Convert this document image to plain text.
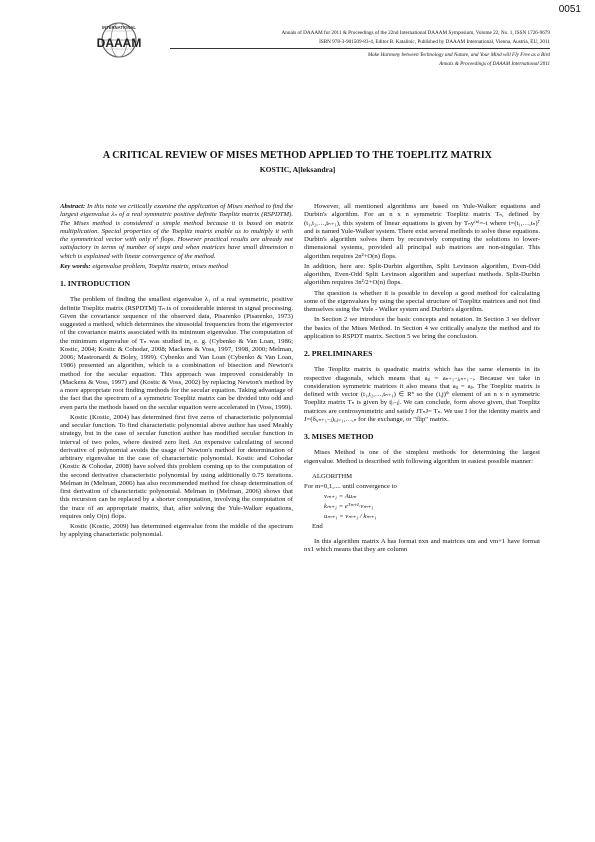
0051
INTERNATIONAL
DAAAM
Annals of DAAAM for 2011 & Proceedings of the 22nd International DAAAM Symposium, Volume 22, No. 1, ISSN 1726-9679
ISBN 978-3-901509-83-4, Editor B. Katalinic, Published by DAAAM International, Vienna, Austria, EU, 2011
Make Harmony between Technology and Nature, and Your Mind will Fly Free as a Bird
Annals & Proceedings of DAAAM International 2011
A CRITICAL REVIEW OF MISES METHOD APPLIED TO THE TOEPLITZ MATRIX
KOSTIC, A[leksandra]

Abstract: In this note we critically examine the application of Mises method to find the largest eigenvalue λₙ of a real symmetric positive definite Toeplitz matrix (RSPDTM). The Mises method is considered a simple method because it is based on matrix multiplication. Special properties of the Toeplitz matrix enable us to multiply it with the symmetrical vector with only n² flops. However practical results are already not satisfactory in terms of number of steps and when matrices have small dimension n which is explained with linear convergence of the method.

Key words: eigenvalue problem, Toeplitz matrix, mises method

1. INTRODUCTION

The problem of finding the smallest eigenvalue λ₁ of a real symmetric, positive definite Toeplitz matrix (RSPDTM) Tₙ is of considerable interest in signal processing. Given the covariance sequence of the observed data, Pisarenko (Pisarenko, 1973) suggested a method, which determines the sinusoidal frequencies from the eigenvector of the covariance matrix associated with its minimum eigenvalue. The computation of the minimum eigenvalue of Tₙ was studied in, e. g. (Cybenko & Van Loan, 1986; Kostic, 2004; Kostic & Cohodar, 2008; Mackens & Voss, 1997, 1998, 2000; Melman, 2006; Mastronardi & Boley, 1999). Cybenko and Van Loan (Cybenko & Van Loan, 1986) presented an algorithm, which is a combination of bisection and Newton's method for the secular equation. This approach was improved considerably in (Mackens & Voss, 1997) and (Kostic & Voss, 2002) by replacing Newton's method by a more appropriate root finding methods for the secular equation. Taking advantage of the fact that the spectrum of a symmetric Toeplitz matrix can be divided into odd and even parts the methods based on the secular equation were accelerated in (Voss, 1999).

Kostic (Kostic, 2004) has determined first five zeros of characteristic polynomial and secular function. To find characteristic polynomial above author has used Meahly strategy, but in the case of secular function author has modified secular function in interval of two poles, where desired zero lied. An expensive calculating of second derivative of polynomial avoids the usage of Newton's method for determination of arbitrary eigenvalue in the case of characteristic polynomial. Kostic and Cohodar (Kostic & Cohodar, 2008) have solved this problem coming up to the computation of the second derivative characteristic polynomial by using additionally 0.75 iterations. Melman in (Melman, 2006) has also recommended method for cheap determination of first derivation of characteristic polynomial. Melman in (Melman, 2006) shows that this recursion can be replaced by a shorter computation, involving the computation of the trace of an appropriate matrix, that, after solving the Yule-Walker equations, requires only O(n) flops.

Kostic (Kostic, 2009) has determined eigenvalue from the middle of the spectrum by applying characteristic polynomial.

However, all mentioned algorithms are based on Yule-Walker equations and Durbin's algorithm. For an n x n symmetric Toeplitz matrix Tₙ, defined by (t₁,t₂,…,tₙ₊₁), this system of linear equations is given by Tₙy⁽ⁿ⁾=-t where t=(t₁,…,tₙ)ᵀ and is named Yule-Walker system. There exist several methods to solve these equations. Durbin's algorithm solves them by recursively computing the solutions to lower-dimensional systems, provided all principal sub matrices are non-singular. This algorithm requires 2n²+O(n) flops.

In addition, here are: Split-Durbin algorithm, Split Levinson algorithm, Even-Odd algorithm, Even-Odd Split Levinson algorithm and superfast methods. Split-Durbin algorithm requires 3n²/2+O(n) flops.

The question is whether it is possible to develop a good method for calculating some of the eigenvalues by using the special structure of Toeplitz matrices and not find themselves using the Yule - Walker system and Durbin's algorithm.

In Section 2 we introduce the basic concepts and notation. In Section 3 we deliver the basics of the Mises Method. In Section 4 we critically analyze the method and its application to RSPDT matrix. Section 5 we bring the conclusion.

2. PRELIMINARES

The Teoplitz matrix is quadratic matrix which has the same elements in its respective diagonals, which means that aᵢⱼ = aₙ₊₁₋ⱼ,ₙ₊₁₋ᵢ. Because we take in consideration symmetric matrices it also means that aᵢⱼ = aⱼᵢ. The Toeplitz matrix is defined with vector (t₁,t₂,…,tₙ₊₁) ∈ Rⁿ so the (i,j)ᵗʰ element of an n x n symmetric Toeplitz matrix Tₙ is given by t|ᵢ₋ⱼ|. We can conclude, form above given, that Toeplitz matrices are centrosymmetric and satisfy JTₙJ= Tₙ. We use I for the identity matrix and J=(δᵢ,ₙ₊₁₋ⱼ)ᵢ,ⱼ₌₁,…,ₙ for the exchange, or "flip" matrix.

3. MISES METHOD

Mises Method is one of the simplest methods for determining the largest eigenvalue. Method is described with following algorithm in easiest possible manner:

ALGORITHM
For m=0,1,.... until convergence to
vₘ₊₁ = Auₘ
kₘ₊₁ = eᵀᵐ⁺¹·vₘ₊₁
uₘ₊₁ = vₘ₊₁ / kₘ₊₁
End

In this algorithm matrix A has format nxn and matrices um and vm+1 have format nx1 which means that they are column
